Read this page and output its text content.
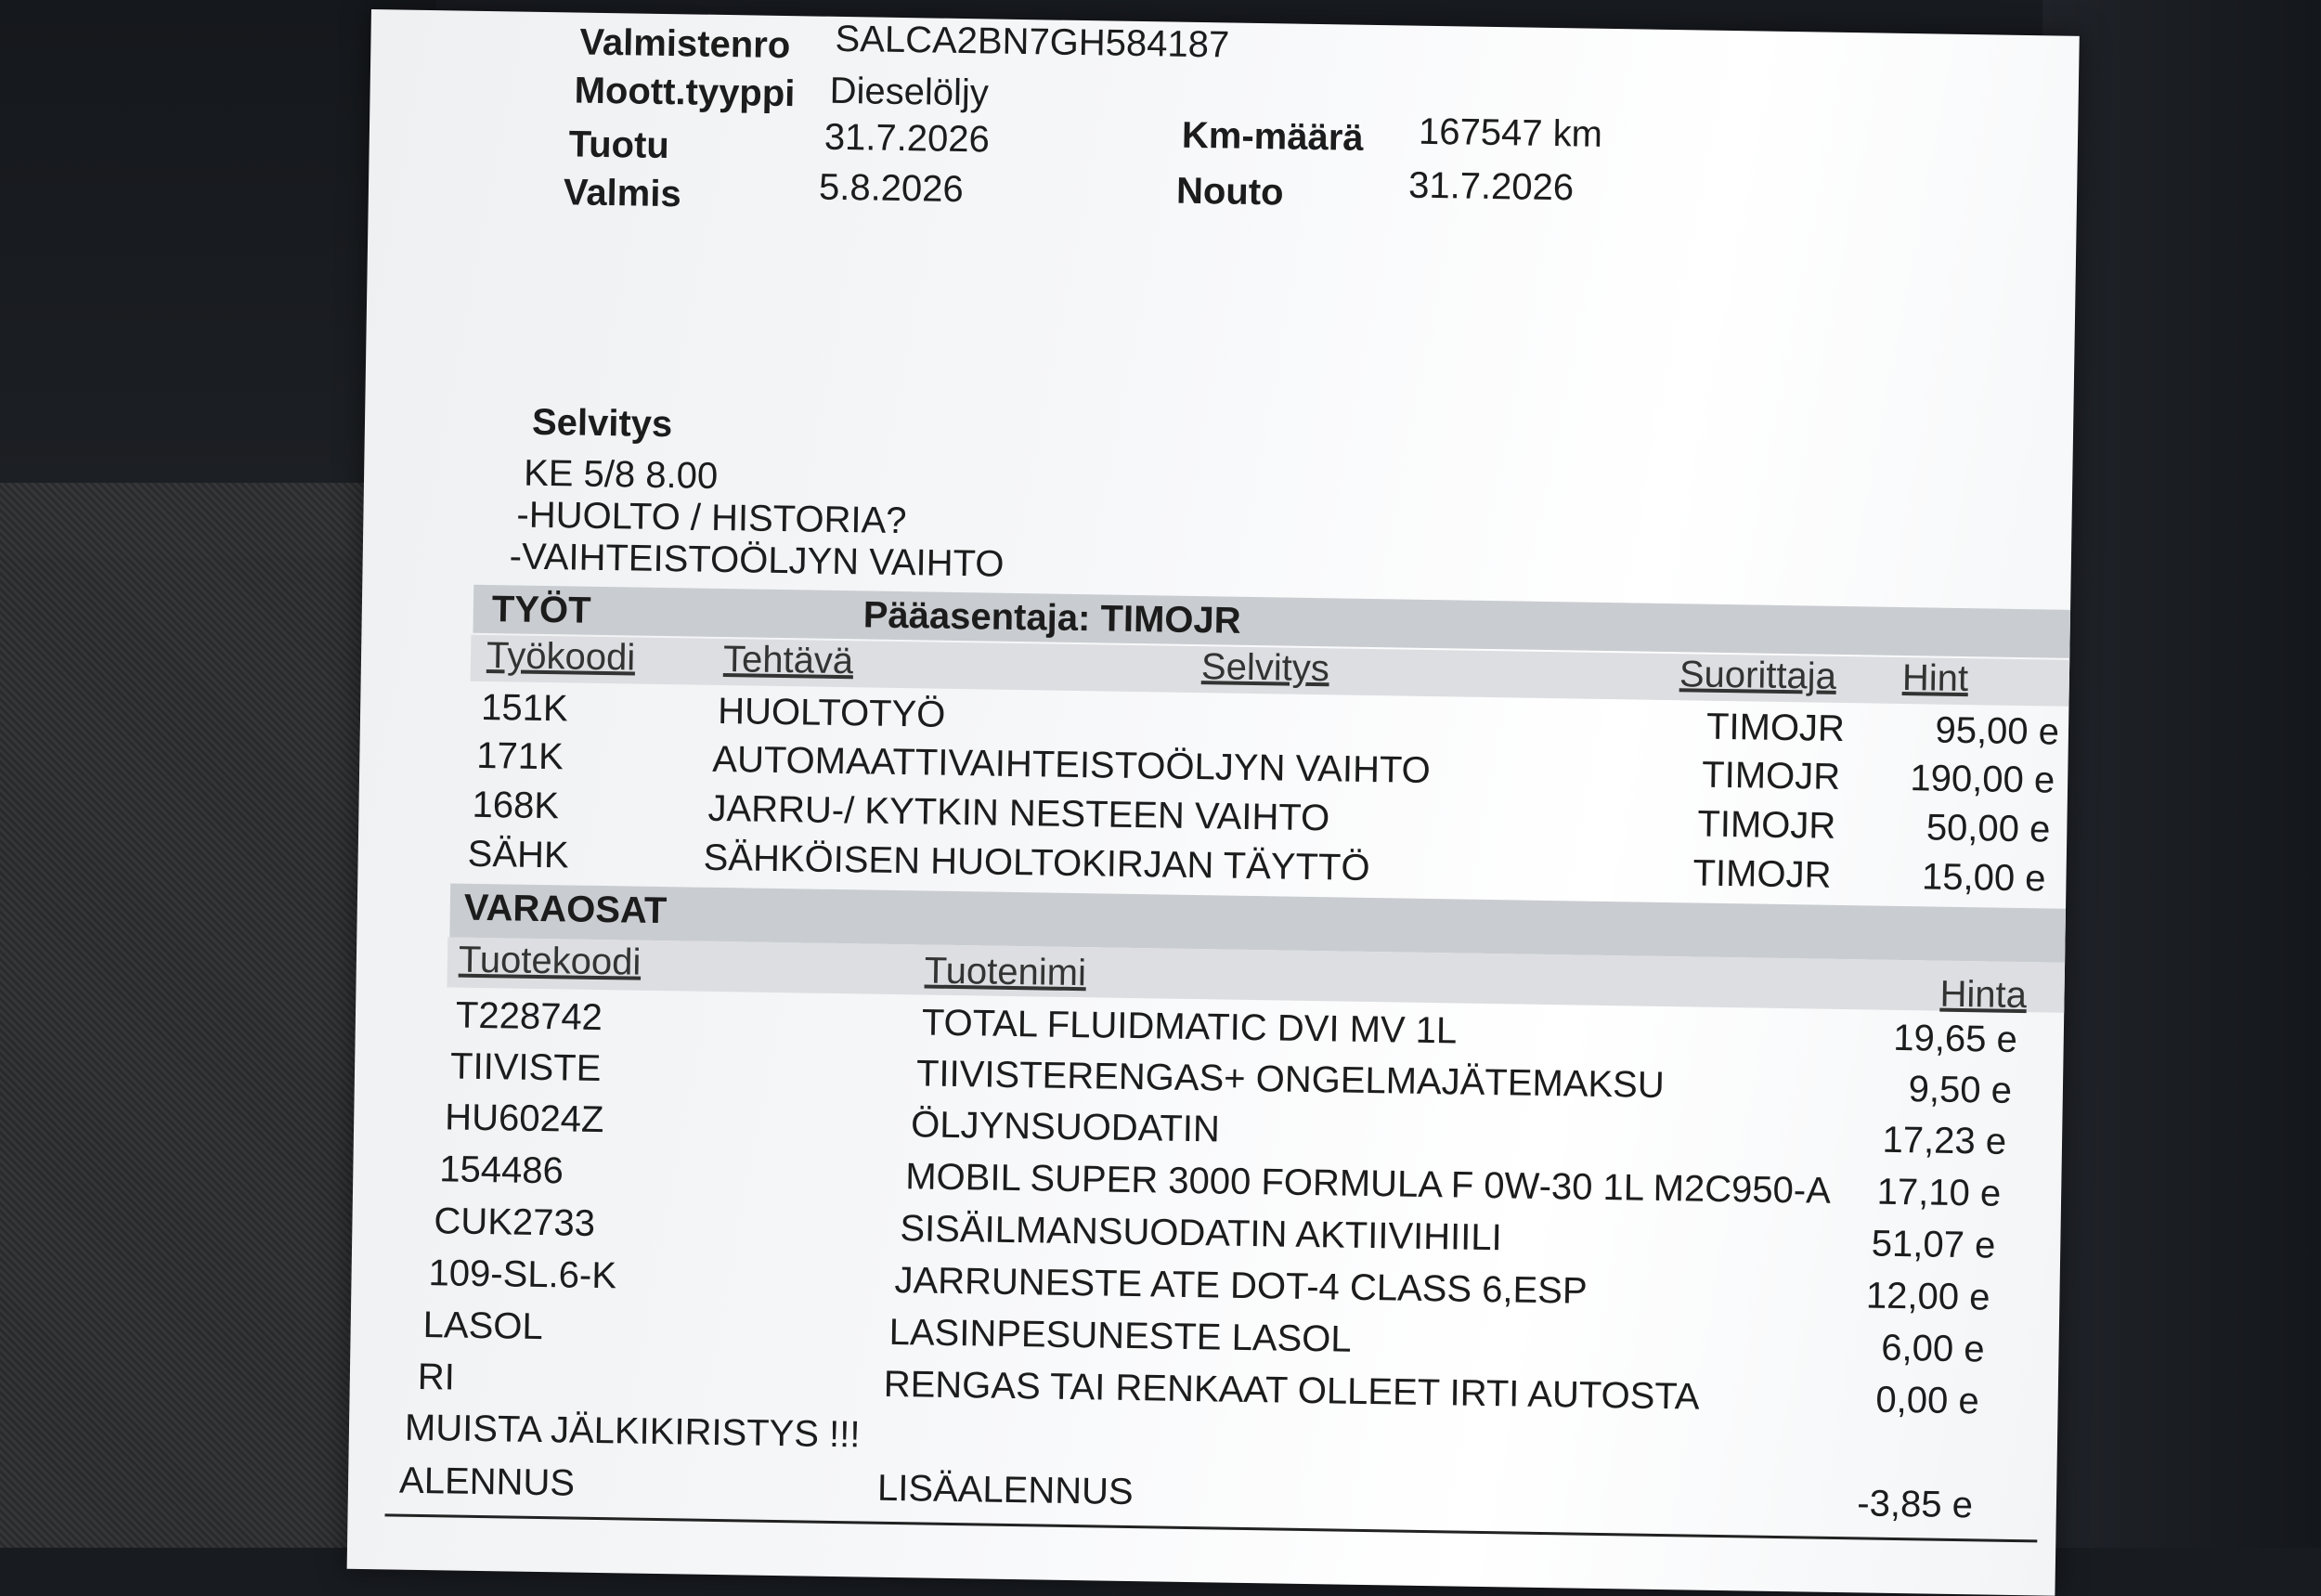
Valmistenro SALCA2BN7GH584187
Moott.tyyppi Dieselöljy
Tuotu	31.7.2026
Valmis	5.8.2026
Km-määrä 167547 km
Nouto	31.7.2026
Selvitys
KE 5/8 8.00
-HUOLTO / HISTORIA?
-VAIHTEISTOÖLJYN VAIHTO
TYÖT	Pääasentaja: TIMOJR
Työkoodi Tehtävä	Selvitys	Suorittaja Hint
151K	HUOLTOTYÖ	TIMOJR	95,00 e
171K	AUTOMAATTIVAIHTEISTOÖLJYN VAIHTO	TIMOJR	190,00 e
168K	JARRU-/ KYTKIN NESTEEN VAIHTO	TIMOJR	50,00 e
SÄHK	SÄHKÖISEN HUOLTOKIRJAN TÄYTTÖ	TIMOJR	15,00 e
VARAOSAT
Tuotekoodi	Tuotenimi
Hinta
T228742	TOTAL FLUIDMATIC DVI MV 1L	19,65 e
TIIVISTE	TIIVISTERENGAS+ ONGELMAJÄTEMAKSU	9,50 e
HU6024Z	ÖLJYNSUODATIN	17,23 e
154486	MOBIL SUPER 3000 FORMULA F 0W-30 1L M2C950-A	17,10 e
CUK2733	SISÄILMANSUODATIN AKTIIVIHIILI	51,07 e
109-SL.6-K	JARRUNESTE ATE DOT-4 CLASS 6,ESP	12,00 e
LASOL	LASINPESUNESTE LASOL	6,00 e
RI	RENGAS TAI RENKAAT OLLEET IRTI AUTOSTA	0,00 e
MUISTA JÄLKIKIRISTYS !!!
ALENNUS	LISÄALENNUS	-3,85 e
